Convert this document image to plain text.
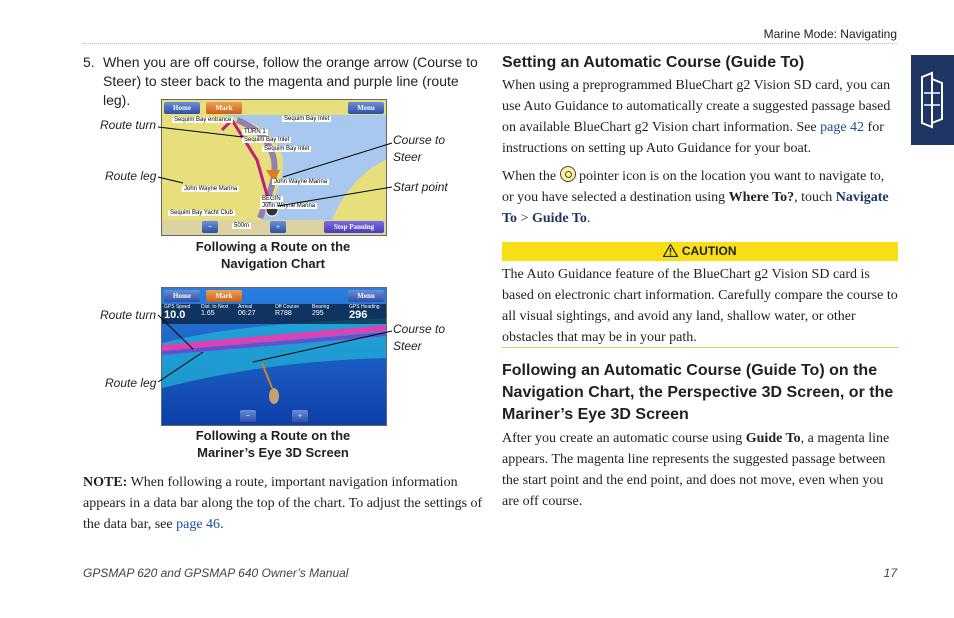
Marine Mode: Navigating
5. When you are off course, follow the orange arrow (Course to Steer) to steer back to the magenta and purple line (route leg).	Home	Mark	Menu
Sequim Bay entrance	Sequim Bay Inlet
TURN 1
Sequim Bay Inlet
Sequim Bay Inlet
John Wayne Marina
John Wayne Marina
BEGIN
John Wayne Marina
Sequim Bay Yacht Club
−	500m	+	Stop Panning
Route turn
Route leg
Course to
Steer
Start point
Following a Route on the
Navigation Chart
Home	Mark	Menu
GPS Speed
10.0
Dist. to Next
1.65
Arrival
06:27
Off Course
R788
Bearing
295
GPS Heading
296
−	+
Route turn
Route leg
Course to
Steer
Following a Route on the
Mariner’s Eye 3D Screen
NOTE: When following a route, important navigation information appears in a data bar along the top of the chart. To adjust the settings of the data bar, see page 46.
Setting an Automatic Course (Guide To)
When using a preprogrammed BlueChart g2 Vision SD card, you can use Auto Guidance to automatically create a suggested passage based on available BlueChart g2 Vision chart information. See page 42 for instructions on setting up Auto Guidance for your boat.
When the
pointer icon is on the location you want to navigate to, or you have selected a destination using Where To?, touch Navigate To > Guide To.
CAUTION
The Auto Guidance feature of the BlueChart g2 Vision SD card is based on electronic chart information. Carefully compare the course to all visual sightings, and avoid any land, shallow water, or other obstacles that may be in your path.
Following an Automatic Course (Guide To) on the Navigation Chart, the Perspective 3D Screen, or the Mariner’s Eye 3D Screen
After you create an automatic course using Guide To, a magenta line appears. The magenta line represents the suggested passage between the start point and the end point, and does not move, even when you are off course.
GPSMAP 620 and GPSMAP 640 Owner’s Manual	17
